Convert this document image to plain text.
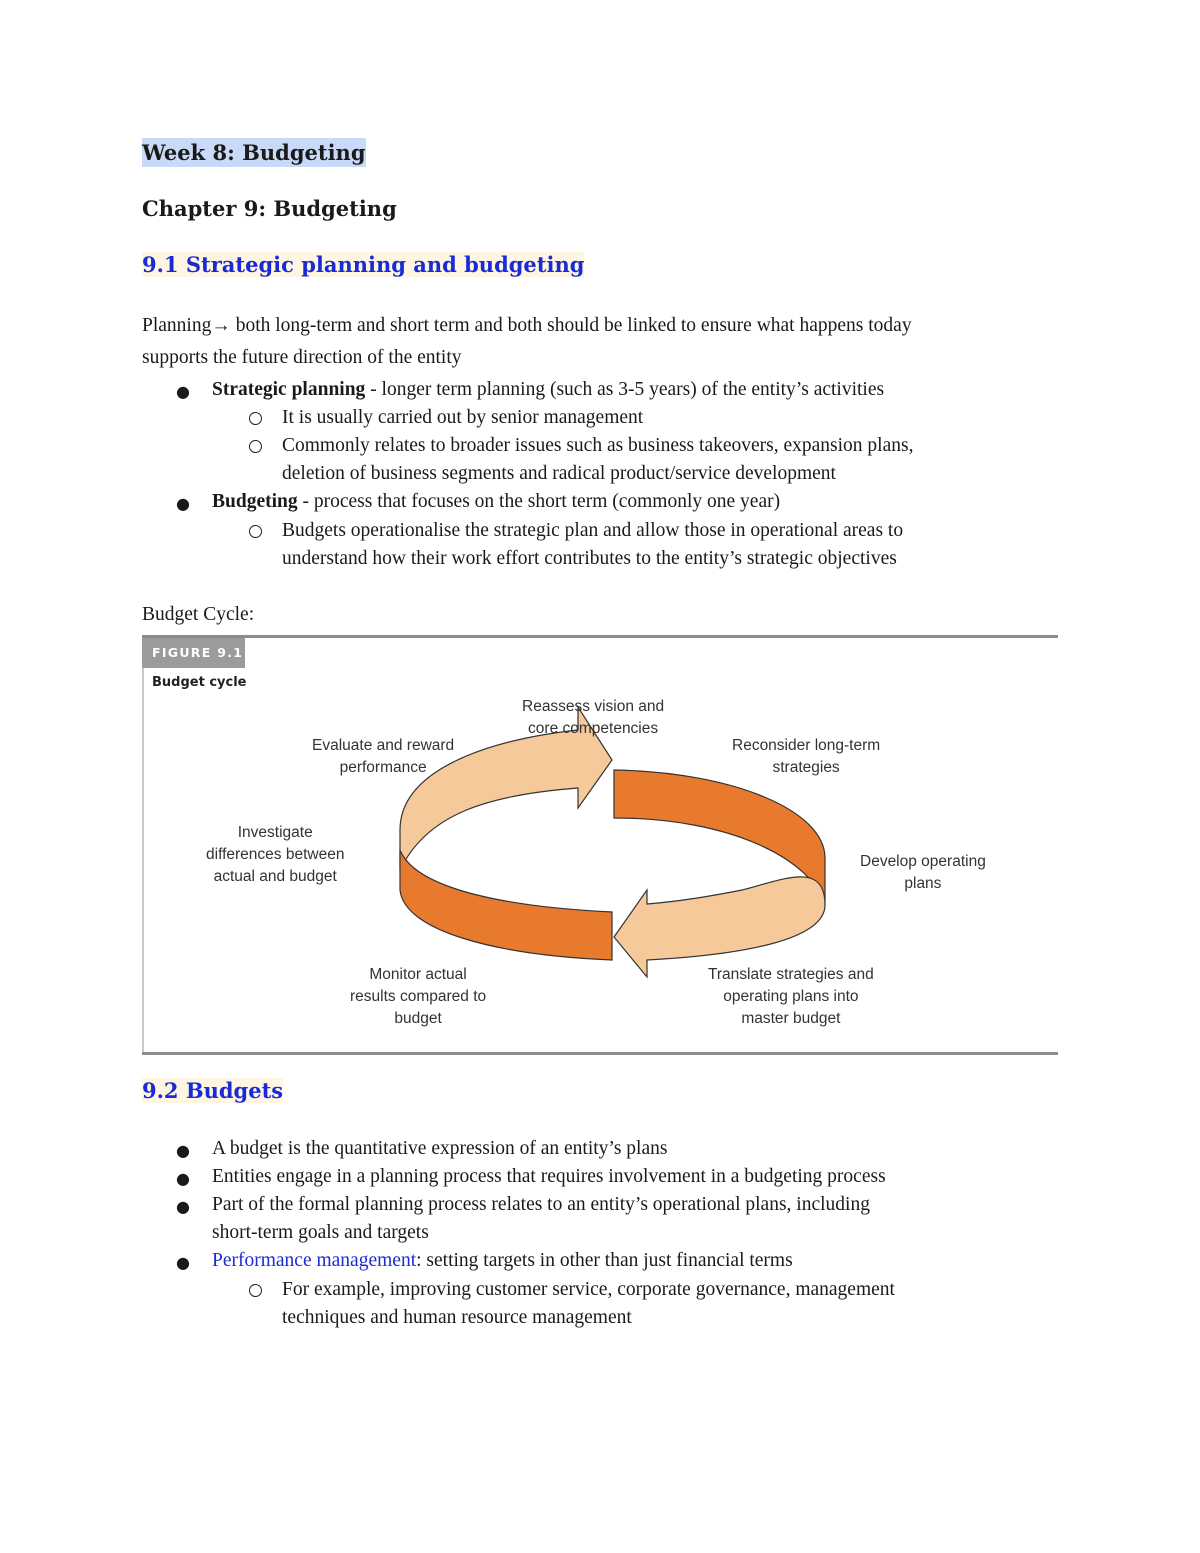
Week 8: Budgeting
Chapter 9: Budgeting
9.1 Strategic planning and budgeting
Planning→ both long-term and short term and both should be linked to ensure what happens today
supports the future direction of the entity
● Strategic planning - longer term planning (such as 3-5 years) of the entity’s activities
It is usually carried out by senior management
Commonly relates to broader issues such as business takeovers, expansion plans,
deletion of business segments and radical product/service development
● Budgeting - process that focuses on the short term (commonly one year)
Budgets operationalise the strategic plan and allow those in operational areas to
understand how their work effort contributes to the entity’s strategic objectives
Budget Cycle:
FIGURE 9.1
Budget cycle
Reassess vision and
core competencies
Reconsider long-term
strategies
Develop operating
plans
Translate strategies and
operating plans into
master budget
Monitor actual
results compared to
budget
Investigate
differences between
actual and budget
Evaluate and reward
performance
9.2 Budgets
● A budget is the quantitative expression of an entity’s plans
● Entities engage in a planning process that requires involvement in a budgeting process
● Part of the formal planning process relates to an entity’s operational plans, including
short-term goals and targets
● Performance management: setting targets in other than just financial terms
For example, improving customer service, corporate governance, management
techniques and human resource management
